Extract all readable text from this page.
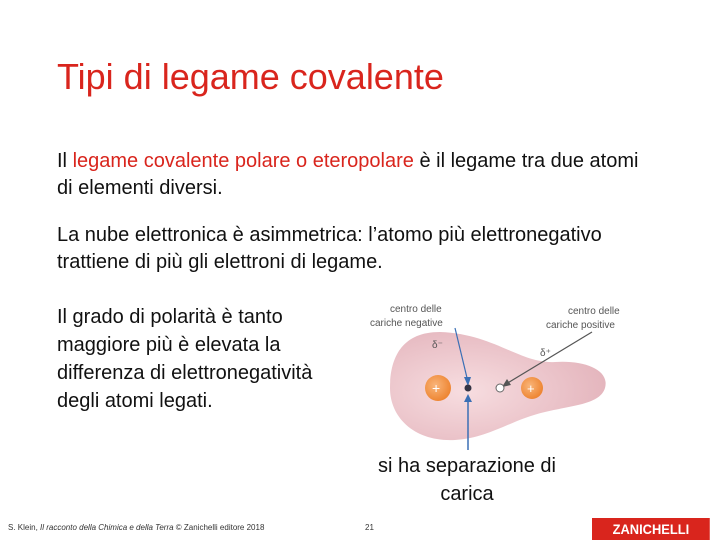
Tipi di legame covalente
Il legame covalente polare o eteropolare è il legame tra due atomi di elementi diversi.
La nube elettronica è asimmetrica: l’atomo più elettronegativo trattiene di più gli elettroni di legame.
Il grado di polarità è tanto maggiore più è elevata la differenza di elettronegatività degli atomi legati.
centro delle
cariche negative
centro delle
cariche positive
δ⁻
δ⁺
+	+
si ha separazione di carica
S. Klein, Il racconto della Chimica e della Terra © Zanichelli editore 2018	21	ZANICHELLI
